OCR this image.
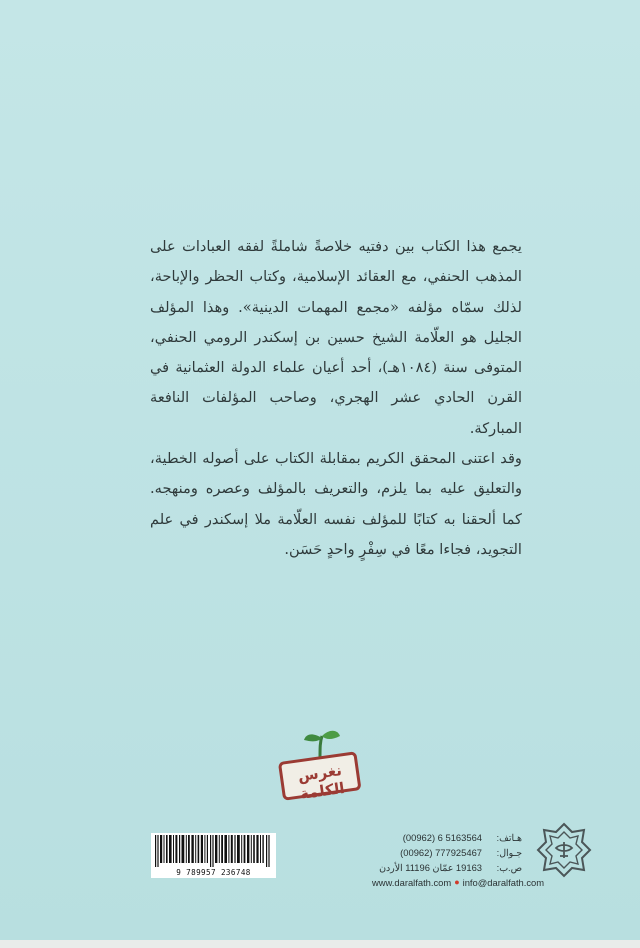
يجمع هذا الكتاب بين دفتيه خلاصةً شاملةً لفقه العبادات على المذهب الحنفي، مع العقائد الإسلامية، وكتاب الحظر والإباحة، لذلك سمّاه مؤلفه «مجمع المهمات الدينية». وهذا المؤلف الجليل هو العلّامة الشيخ حسين بن إسكندر الرومي الحنفي، المتوفى سنة (١٠٨٤هـ)، أحد أعيان علماء الدولة العثمانية في القرن الحادي عشر الهجري، وصاحب المؤلفات النافعة المباركة.

وقد اعتنى المحقق الكريم بمقابلة الكتاب على أصوله الخطية، والتعليق عليه بما يلزم، والتعريف بالمؤلف وعصره ومنهجه. كما ألحقنا به كتابًا للمؤلف نفسه العلّامة ملا إسكندر في علم التجويد، فجاءا معًا في سِفْرٍ واحدٍ حَسَن.

نغرس الكلمة
9 789957 236748
(00962) 6 5163564	هـاتف:
(00962) 777925467	جـوال:
19163 عمّان 11196 الأردن	ص.ب:
www.daralfath.com ● info@daralfath.com
